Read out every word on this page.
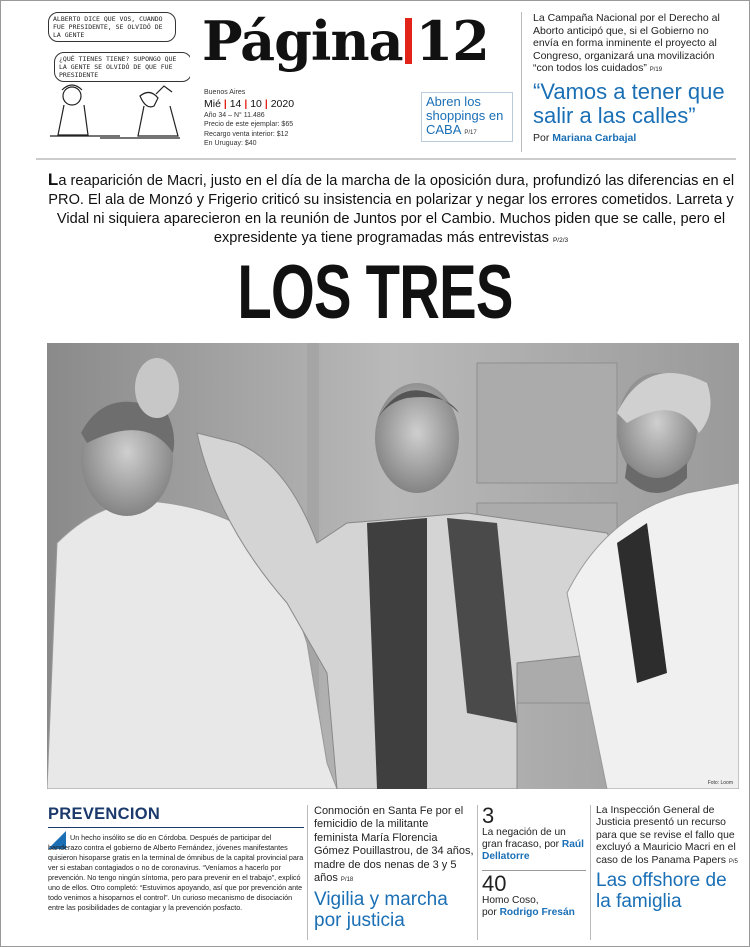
ALBERTO DICE QUE VOS, CUANDO FUE PRESIDENTE, SE OLVIDÓ DE LA GENTE
¿QUÉ TIENES TIENE? SUPONGO QUE LA GENTE SE OLVIDÓ DE QUE FUE PRESIDENTE
Página 12
Buenos Aires
Mié | 14 | 10 | 2020
Año 34 – N° 11.486
Precio de este ejemplar: $65
Recargo venta interior: $12
En Uruguay: $40
Abren los shoppings en CABA P/17
La Campaña Nacional por el Derecho al Aborto anticipó que, si el Gobierno no envía en forma inminente el proyecto al Congreso, organizará una movilización “con todos los cuidados” P/19
“Vamos a tener que salir a las calles”
Por Mariana Carbajal
La reaparición de Macri, justo en el día de la marcha de la oposición dura, profundizó las diferencias en el PRO. El ala de Monzó y Frigerio criticó su insistencia en polarizar y negar los errores cometidos. Larreta y Vidal ni siquiera aparecieron en la reunión de Juntos por el Cambio. Muchos piden que se calle, pero el expresidente ya tiene programadas más entrevistas P/2/3
LOS TRES
Foto: Loom
PREVENCION
Un hecho insólito se dio en Córdoba. Después de participar del banderazo contra el gobierno de Alberto Fernández, jóvenes manifestantes quisieron hisoparse gratis en la terminal de ómnibus de la capital provincial para ver si estaban contagiados o no de coronavirus. “Veníamos a hacerlo por prevención. No tengo ningún síntoma, pero para prevenir en el trabajo”, explicó uno de ellos. Otro completó: “Estuvimos apoyando, así que por prevención ante todo venimos a hisoparnos el control”. Un curioso mecanismo de disociación entre las posibilidades de contagiar y la prevención posfacto.
Conmoción en Santa Fe por el femicidio de la militante feminista María Florencia Gómez Pouillastrou, de 34 años, madre de dos nenas de 3 y 5 años P/18
Vigilia y marcha por justicia
3
La negación de un gran fracaso, por Raúl Dellatorre
40
Homo Coso,
por Rodrigo Fresán
La Inspección General de Justicia presentó un recurso para que se revise el fallo que excluyó a Mauricio Macri en el caso de los Panama Papers P/5
Las offshore de la famiglia
